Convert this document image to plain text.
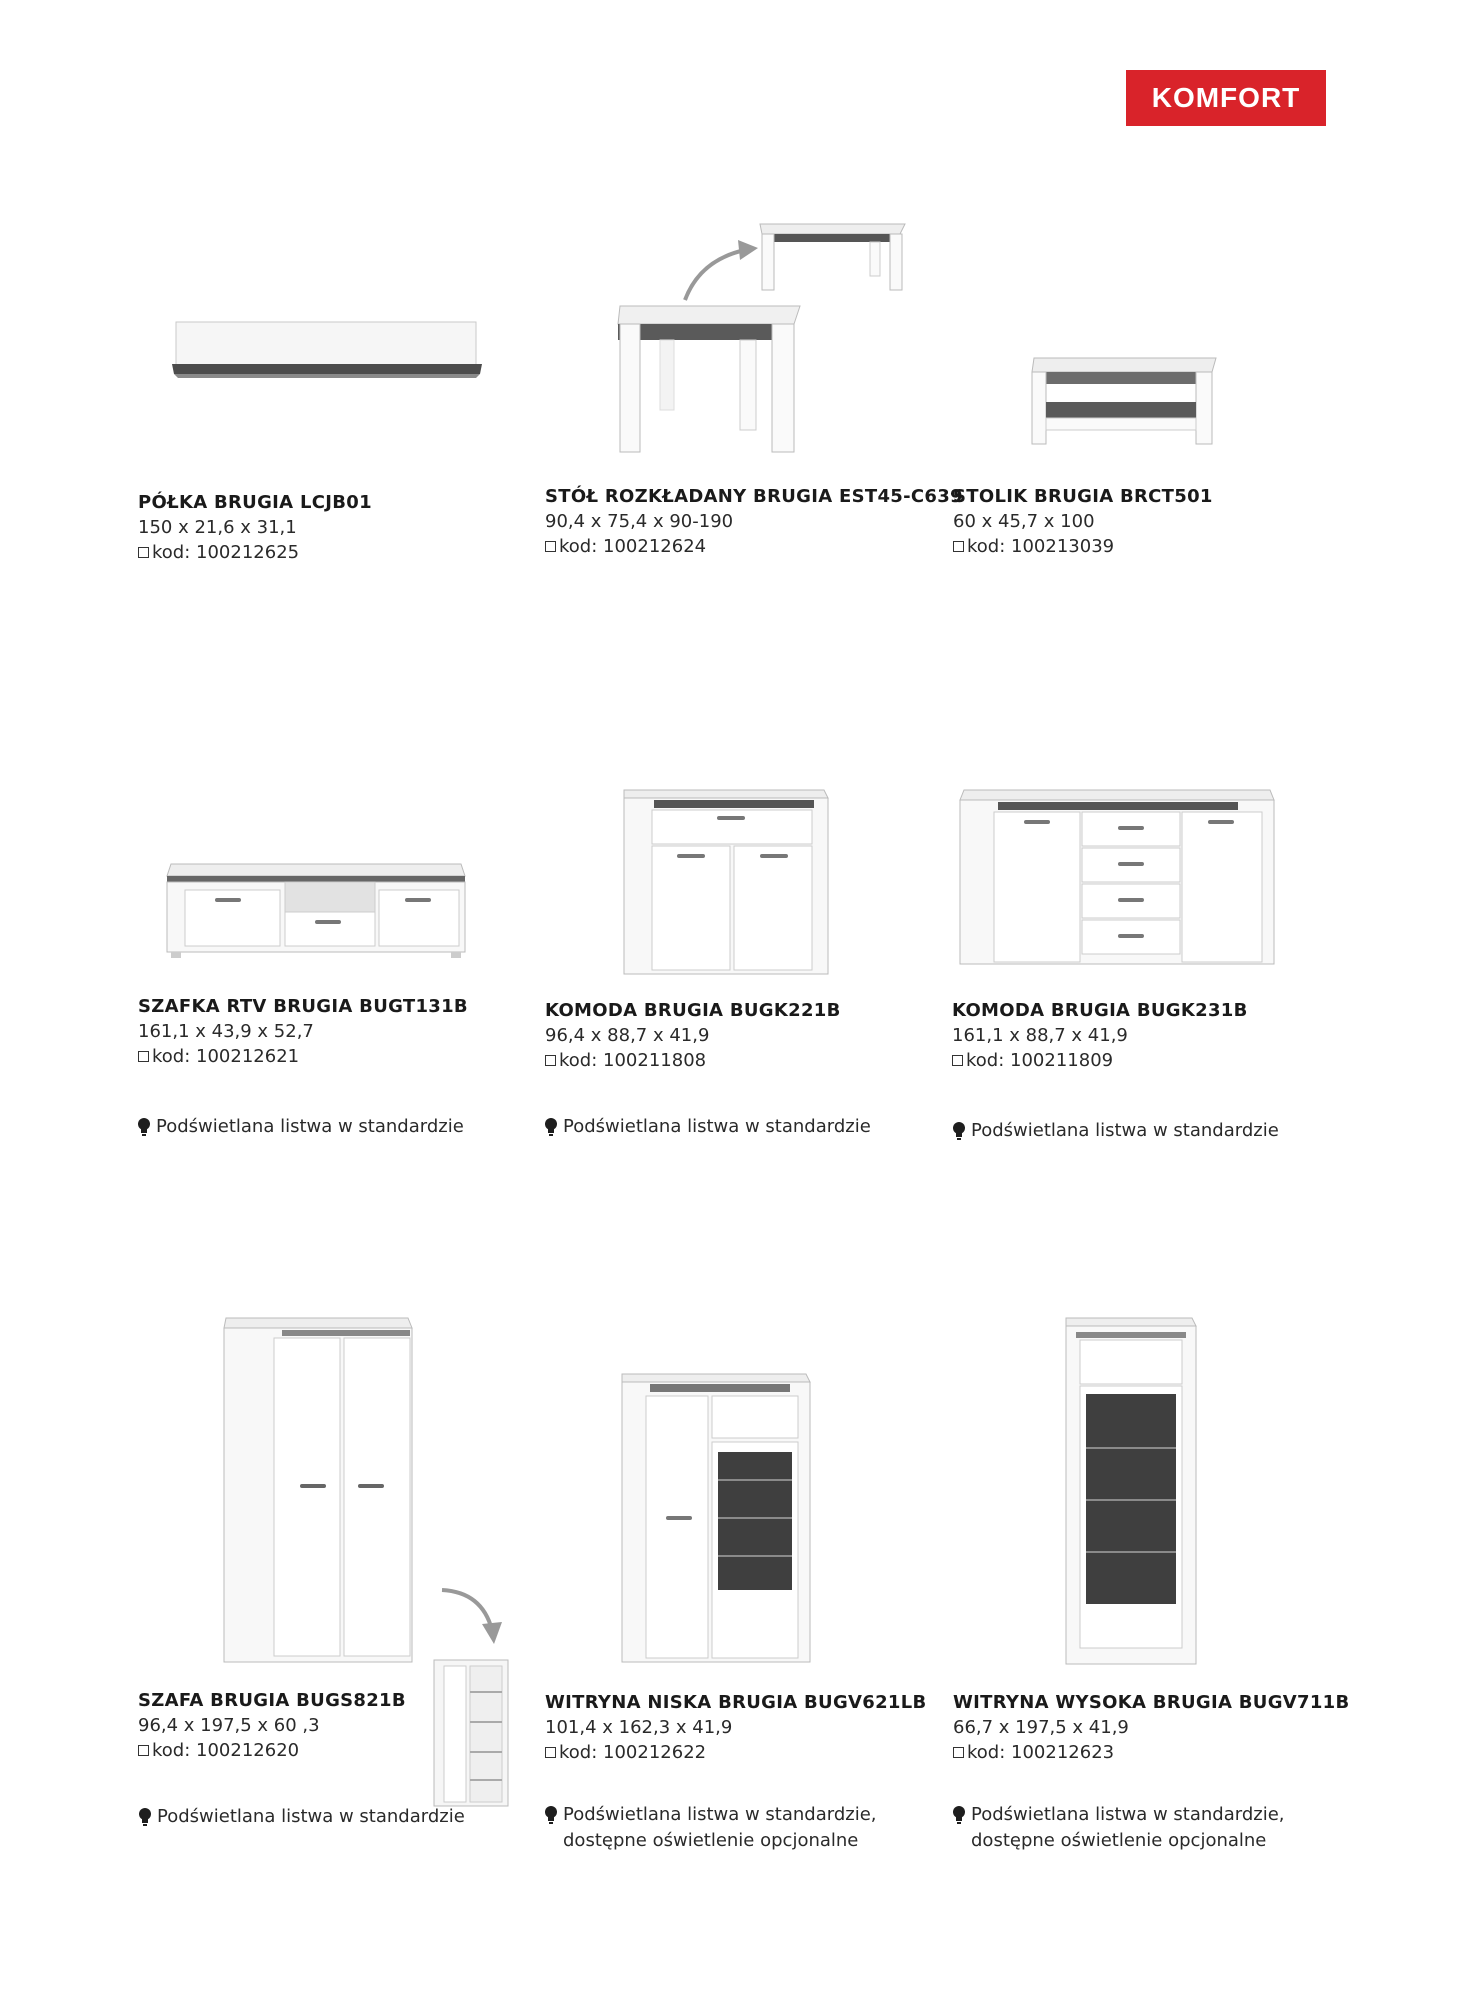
KOMFORT
PÓŁKA BRUGIA LCJB01
150 x 21,6 x 31,1
kod:
100212625
STÓŁ ROZKŁADANY BRUGIA EST45-C639
90,4 x 75,4 x 90-190
kod:
100212624
STOLIK BRUGIA BRCT501
60 x 45,7 x 100
kod:
100213039
SZAFKA RTV BRUGIA BUGT131B
161,1 x 43,9 x 52,7
kod:
100212621
KOMODA BRUGIA BUGK221B
96,4 x 88,7 x 41,9
kod:
100211808
KOMODA BRUGIA BUGK231B
161,1 x 88,7 x 41,9
kod:
100211809
SZAFA BRUGIA BUGS821B
96,4 x 197,5 x 60 ,3
kod:
100212620
WITRYNA NISKA BRUGIA BUGV621LB
101,4 x 162,3 x 41,9
kod:
100212622
WITRYNA WYSOKA BRUGIA BUGV711B
66,7 x 197,5 x 41,9
kod:
100212623
Podświetlana listwa w standardzie	Podświetlana listwa w standardzie	Podświetlana listwa w standardzie
Podświetlana listwa w standardzie	Podświetlana listwa w standardzie,
dostępne oświetlenie opcjonalne
Podświetlana listwa w standardzie,
dostępne oświetlenie opcjonalne
